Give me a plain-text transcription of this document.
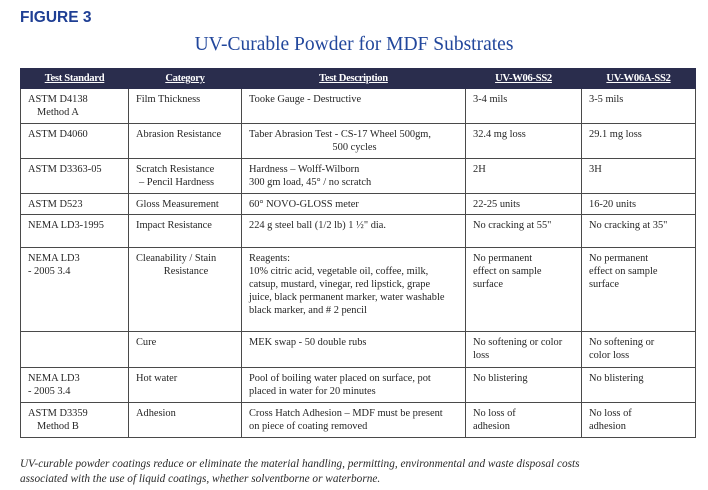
FIGURE 3
UV-Curable Powder for MDF Substrates
Test Standard	Category	Test Description	UV-W06-SS2	UV-W06A-SS2

ASTM D4138
Method A	Film Thickness	Tooke Gauge - Destructive	3-4 mils	3-5 mils

ASTM D4060	Abrasion Resistance	Taber Abrasion Test - CS-17 Wheel 500gm,
500 cycles	32.4 mg loss	29.1 mg loss

ASTM D3363-05	Scratch Resistance
– Pencil Hardness	Hardness – Wolff-Wilborn
300 gm load, 45° / no scratch	2H	3H

ASTM D523	Gloss Measurement	60° NOVO-GLOSS meter	22-25 units	16-20 units

NEMA LD3-1995	Impact Resistance	224 g steel ball (1/2 lb) 1 ½" dia.	No cracking at 55"	No cracking at 35"

NEMA LD3
- 2005 3.4	Cleanability / Stain
Resistance	Reagents:
10% citric acid, vegetable oil, coffee, milk,
catsup, mustard, vinegar, red lipstick, grape
juice, black permanent marker, water washable
black marker, and # 2 pencil	No permanent
effect on sample
surface	No permanent
effect on sample
surface

	Cure	MEK swap - 50 double rubs	No softening or color
loss	No softening or
color loss

NEMA LD3
- 2005 3.4	Hot water	Pool of boiling water placed on surface, pot
placed in water for 20 minutes	No blistering	No blistering

ASTM D3359
Method B	Adhesion	Cross Hatch Adhesion – MDF must be present
on piece of coating removed	No loss of
adhesion	No loss of
adhesion
UV-curable powder coatings reduce or eliminate the material handling, permitting, environmental and waste disposal costs
associated with the use of liquid coatings, whether solventborne or waterborne.
